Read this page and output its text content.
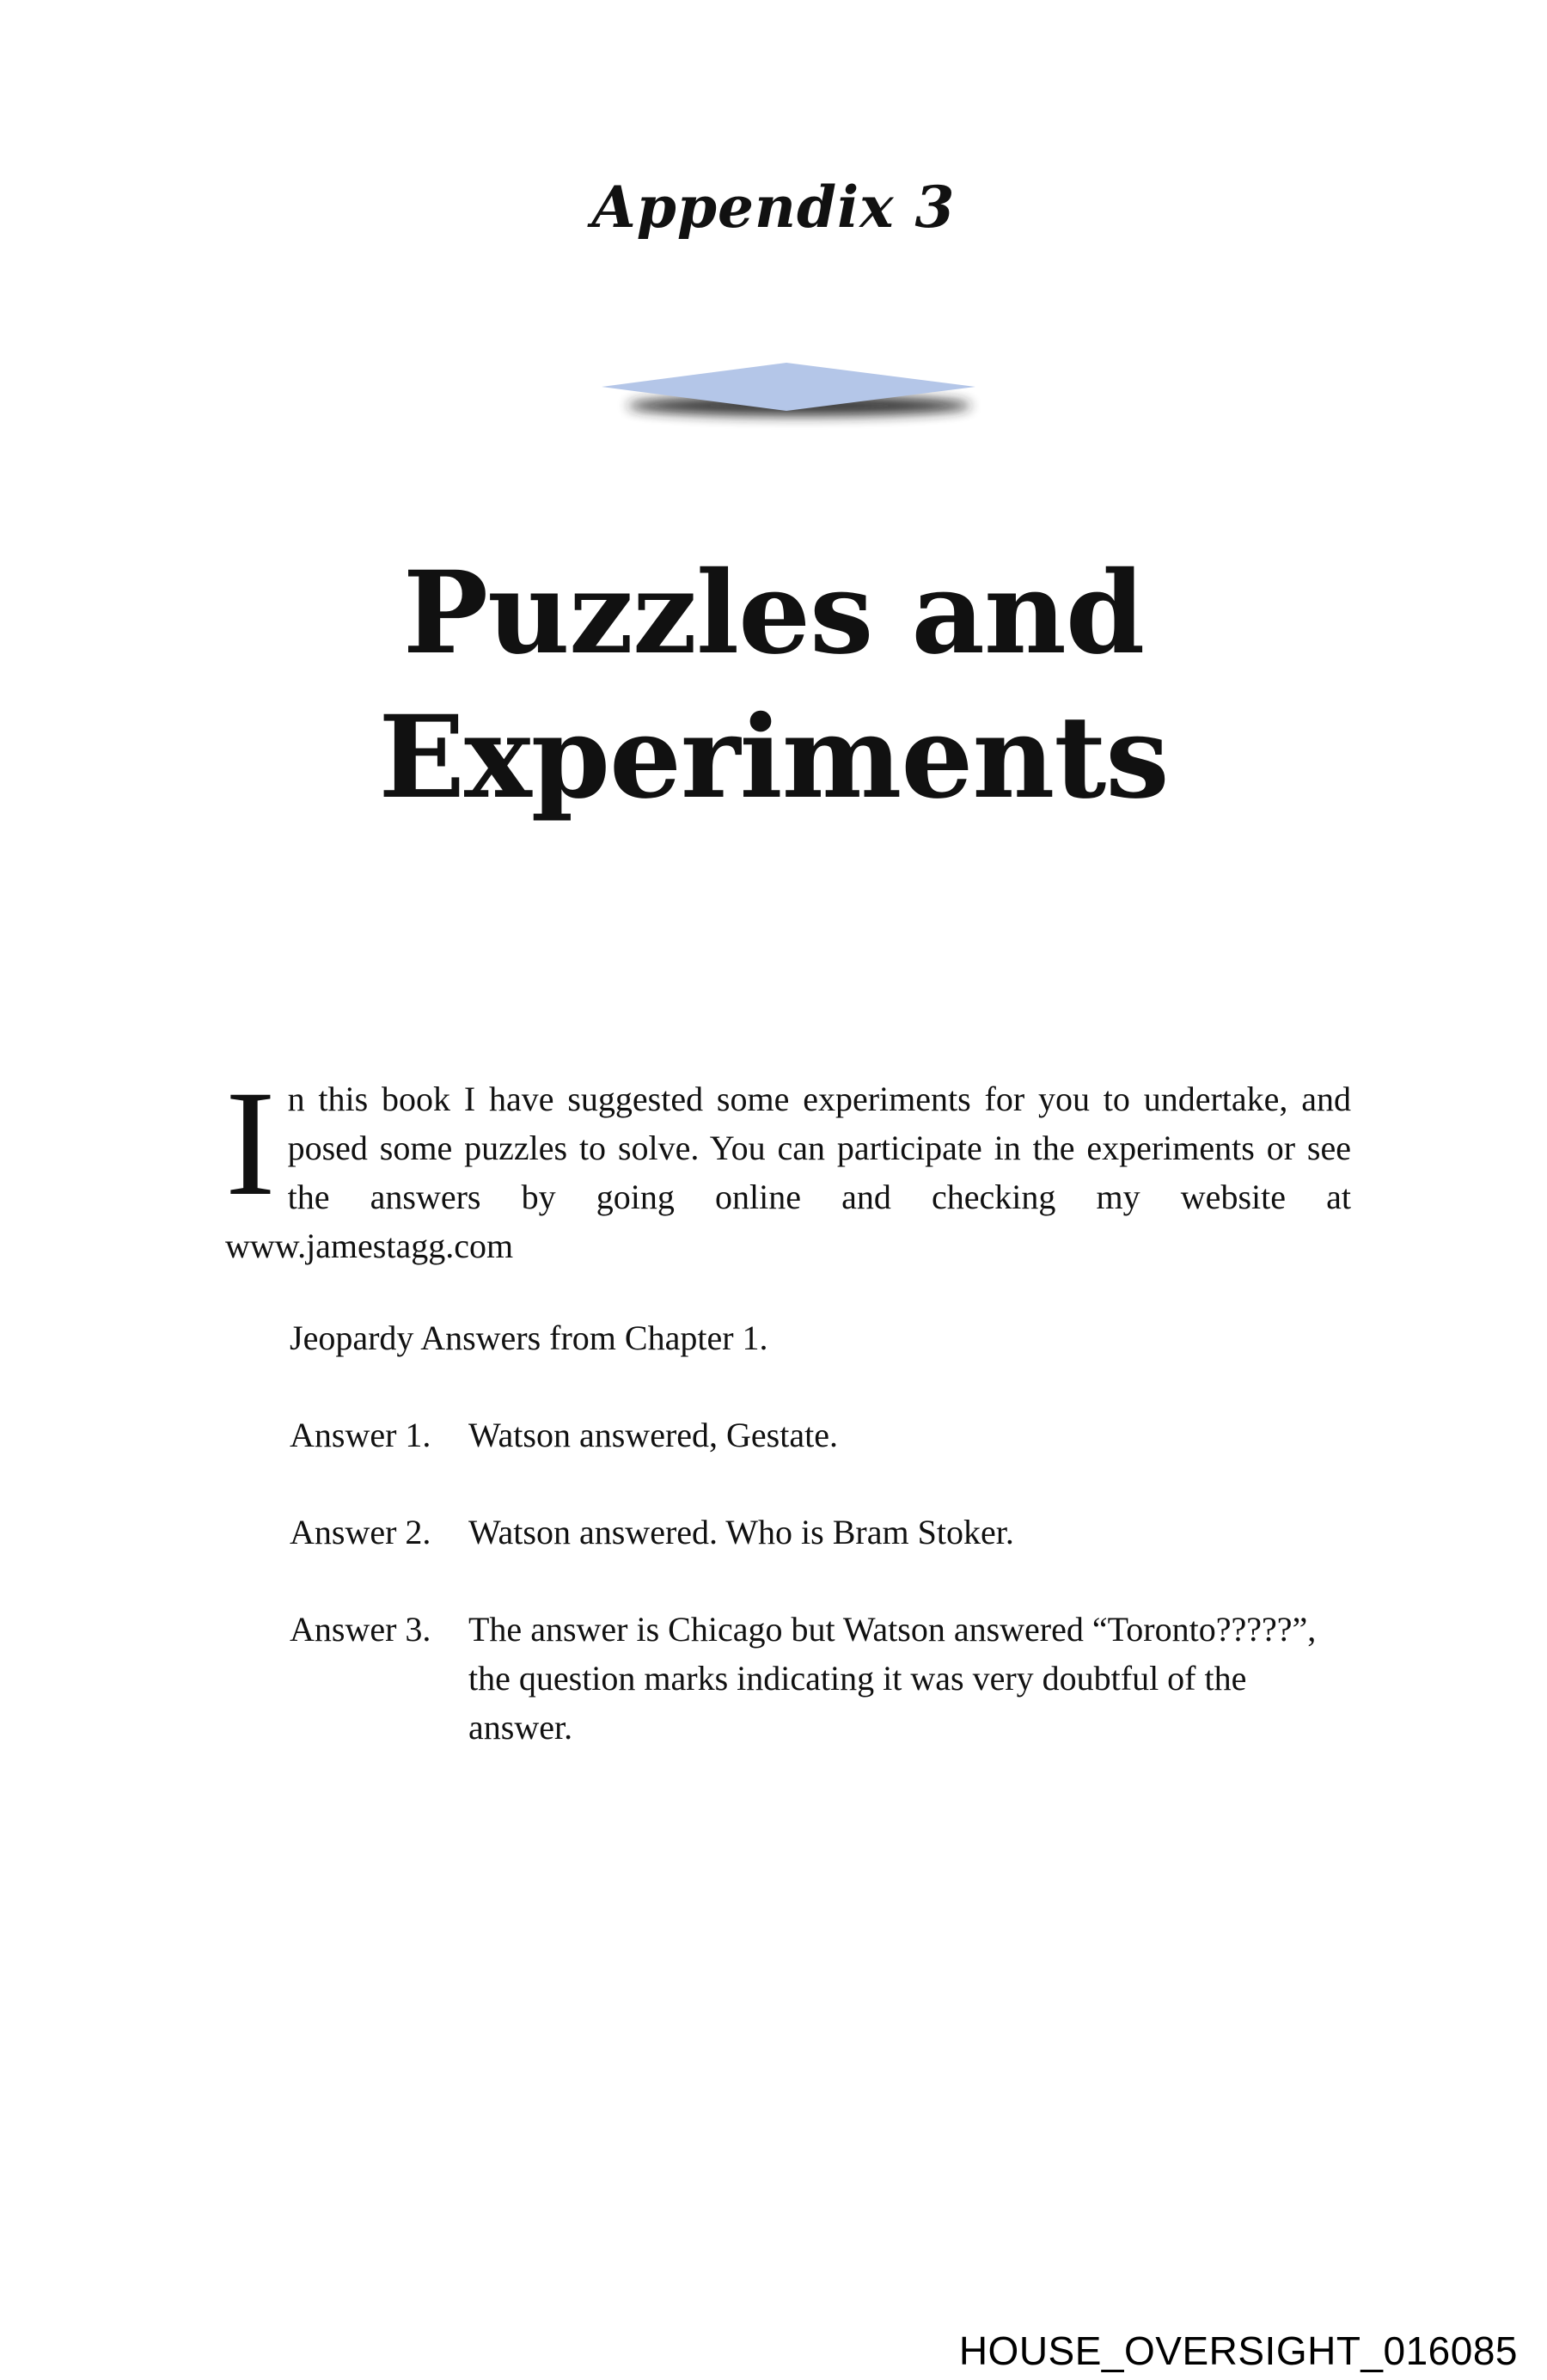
Appendix 3
Puzzles and
Experiments
In this book I have suggested some experiments for you to undertake, and posed some puzzles to solve. You can participate in the experiments or see the answers by going online and checking my website at www.jamestagg.com
Jeopardy Answers from Chapter 1.
Answer 1.	Watson answered, Gestate.
Answer 2.	Watson answered. Who is Bram Stoker.
Answer 3.	The answer is Chicago but Watson answered “Toronto?????”, the question marks indicating it was very doubtful of the answer.
HOUSE_OVERSIGHT_016085
